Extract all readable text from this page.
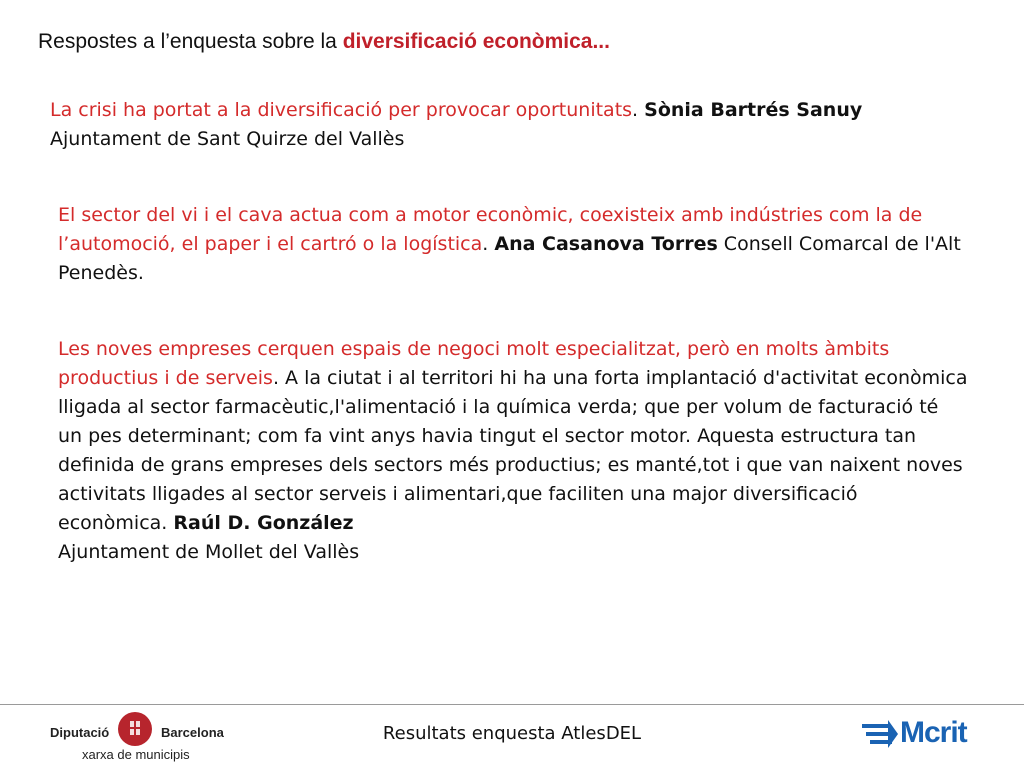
Respostes a l’enquesta sobre la diversificació econòmica...
La crisi ha portat a la diversificació per provocar oportunitats. Sònia Bartrés Sanuy
Ajuntament de Sant Quirze del Vallès
El sector del vi i el cava actua com a motor econòmic, coexisteix amb indústries com la de l’automoció, el paper i el cartró o la logística. Ana Casanova Torres Consell Comarcal de l'Alt Penedès.
Les noves empreses cerquen espais de negoci molt especialitzat, però en molts àmbits productius i de serveis. A la ciutat i al territori hi ha una forta implantació d'activitat econòmica lligada al sector farmacèutic,l'alimentació i la química verda; que per volum de facturació té un pes determinant; com fa vint anys havia tingut el sector motor. Aquesta estructura tan definida de grans empreses dels sectors més productius; es manté,tot i que van naixent noves activitats lligades al sector serveis i alimentari,que faciliten una major diversificació econòmica. Raúl D. González
Ajuntament de Mollet del Vallès
Diputació	Barcelona
xarxa de municipis
Resultats enquesta AtlesDEL	Mcrit
